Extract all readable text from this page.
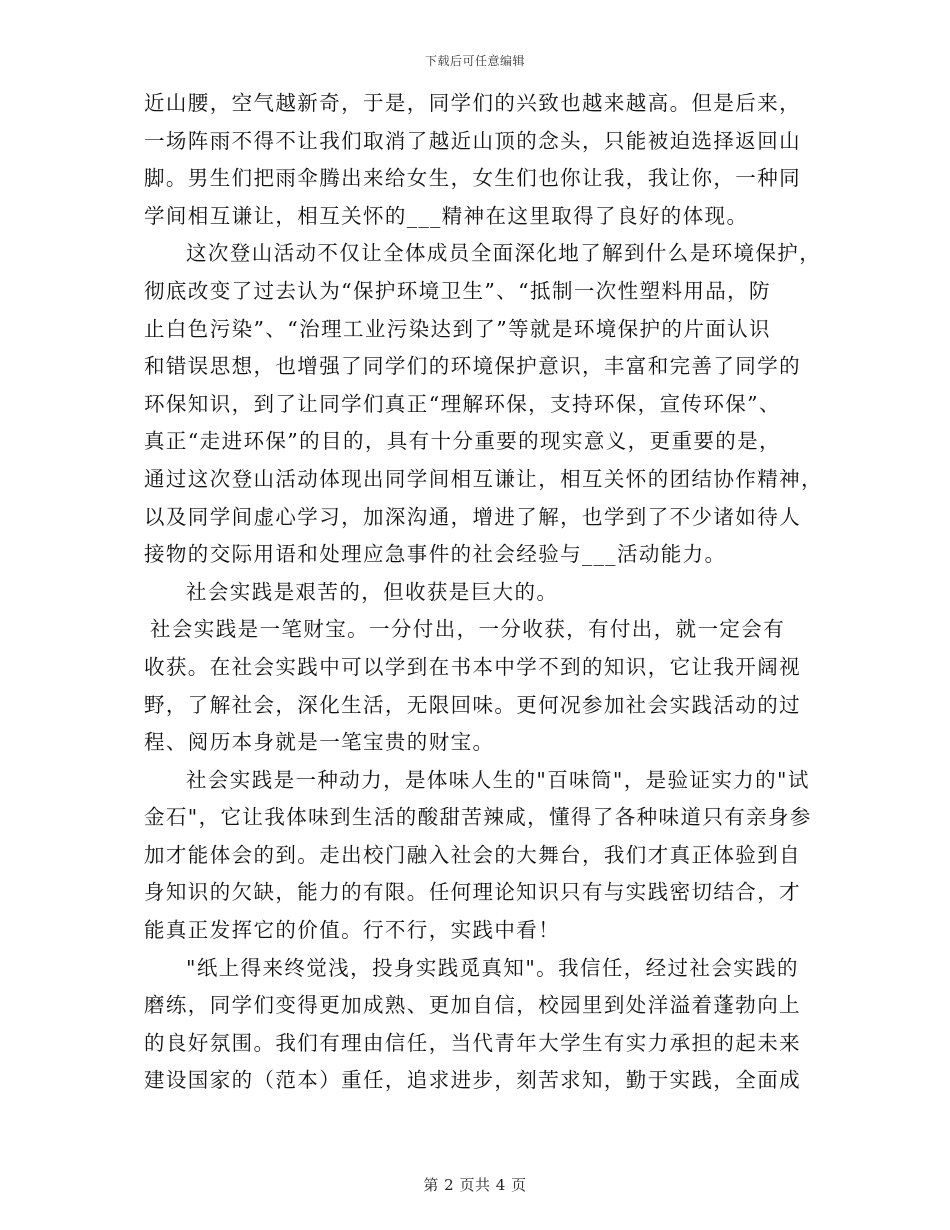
下载后可任意编辑
近山腰，空气越新奇，于是，同学们的兴致也越来越高。但是后来，
一场阵雨不得不让我们取消了越近山顶的念头，只能被迫选择返回山
脚。男生们把雨伞腾出来给女生，女生们也你让我，我让你，一种同
学间相互谦让，相互关怀的___精神在这里取得了良好的体现。
这次登山活动不仅让全体成员全面深化地了解到什么是环境保护，
彻底改变了过去认为“保护环境卫生”、“抵制一次性塑料用品，防
止白色污染”、“治理工业污染达到了”等就是环境保护的片面认识
和错误思想，也增强了同学们的环境保护意识，丰富和完善了同学的
环保知识，到了让同学们真正“理解环保，支持环保，宣传环保”、
真正“走进环保”的目的，具有十分重要的现实意义，更重要的是，
通过这次登山活动体现出同学间相互谦让，相互关怀的团结协作精神，
以及同学间虚心学习，加深沟通，增进了解，也学到了不少诸如待人
接物的交际用语和处理应急事件的社会经验与___活动能力。
社会实践是艰苦的，但收获是巨大的。
社会实践是一笔财宝。一分付出，一分收获，有付出，就一定会有
收获。在社会实践中可以学到在书本中学不到的知识，它让我开阔视
野，了解社会，深化生活，无限回味。更何况参加社会实践活动的过
程、阅历本身就是一笔宝贵的财宝。
社会实践是一种动力，是体味人生的"百味筒"，是验证实力的"试
金石"，它让我体味到生活的酸甜苦辣咸，懂得了各种味道只有亲身参
加才能体会的到。走出校门融入社会的大舞台，我们才真正体验到自
身知识的欠缺，能力的有限。任何理论知识只有与实践密切结合，才
能真正发挥它的价值。行不行，实践中看！
"纸上得来终觉浅，投身实践觅真知"。我信任，经过社会实践的
磨练，同学们变得更加成熟、更加自信，校园里到处洋溢着蓬勃向上
的良好氛围。我们有理由信任，当代青年大学生有实力承担的起未来
建设国家的（范本）重任，追求进步，刻苦求知，勤于实践，全面成
第 2 页共 4 页
